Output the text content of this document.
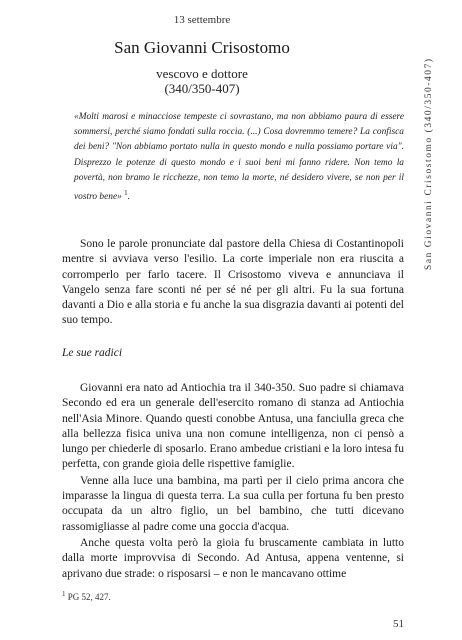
13 settembre
San Giovanni Crisostomo (340/350-407)
San Giovanni Crisostomo
vescovo e dottore
(340/350-407)
«Molti marosi e minacciose tempeste ci sovrastano, ma non abbiamo paura di essere sommersi, perché siamo fondati sulla roccia. (...) Cosa dovremmo temere? La confisca dei beni? "Non abbiamo portato nulla in questo mondo e nulla possiamo portare via". Disprezzo le potenze di questo mondo e i suoi beni mi fanno ridere. Non temo la povertà, non bramo le ricchezze, non temo la morte, né desidero vivere, se non per il vostro bene» $^1$.

Sono le parole pronunciate dal pastore della Chiesa di Costantinopoli mentre si avviava verso l'esilio. La corte imperiale non era riuscita a corromperlo per farlo tacere. Il Crisostomo viveva e annunciava il Vangelo senza fare sconti né per sé né per gli altri. Fu la sua fortuna davanti a Dio e alla storia e fu anche la sua disgrazia davanti ai potenti del suo tempo.

Le sue radici

Giovanni era nato ad Antiochia tra il 340-350. Suo padre si chiamava Secondo ed era un generale dell'esercito romano di stanza ad Antiochia nell'Asia Minore. Quando questi conobbe Antusa, una fanciulla greca che alla bellezza fisica univa una non comune intelligenza, non ci pensò a lungo per chiederle di sposarlo. Erano ambedue cristiani e la loro intesa fu perfetta, con grande gioia delle rispettive famiglie.

Venne alla luce una bambina, ma partì per il cielo prima ancora che imparasse la lingua di questa terra. La sua culla per fortuna fu ben presto occupata da un altro figlio, un bel bambino, che tutti dicevano rassomigliasse al padre come una goccia d'acqua.

Anche questa volta però la gioia fu bruscamente cambiata in lutto dalla morte improvvisa di Secondo. Ad Antusa, appena ventenne, si aprivano due strade: o risposarsi – e non le mancavano ottime

$^1$ PG 52, 427.
51
